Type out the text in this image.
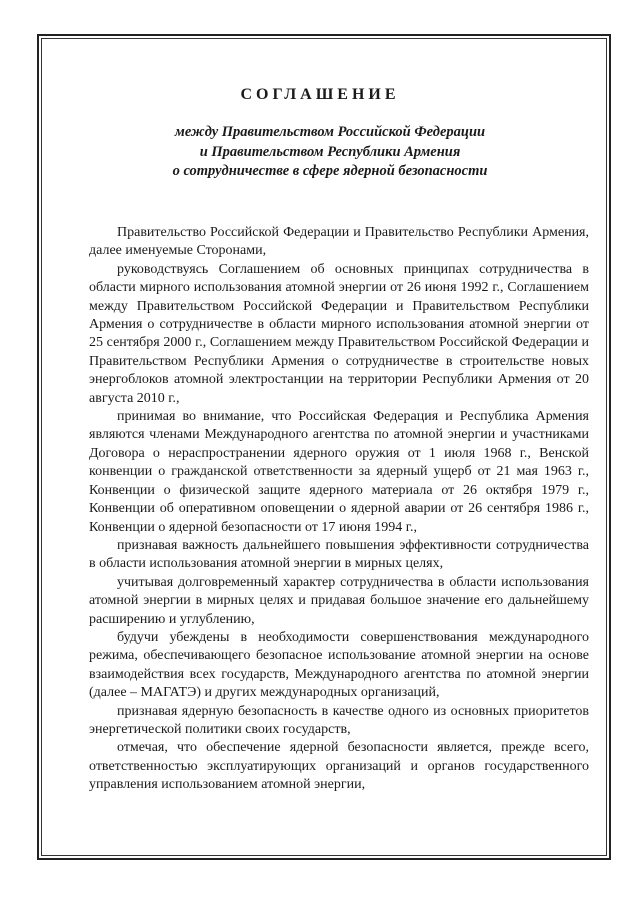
СОГЛАШЕНИЕ
между Правительством Российской Федерации
и Правительством Республики Армения
о сотрудничестве в сфере ядерной безопасности

Правительство Российской Федерации и Правительство Республики Армения, далее именуемые Сторонами,

руководствуясь Соглашением об основных принципах сотрудничества в области мирного использования атомной энергии от 26 июня 1992 г., Соглашением между Правительством Российской Федерации и Правительством Республики Армения о сотрудничестве в области мирного использования атомной энергии от 25 сентября 2000 г., Соглашением между Правительством Российской Федерации и Правительством Республики Армения о сотрудничестве в строительстве новых энергоблоков атомной электростанции на территории Республики Армения от 20 августа 2010 г.,

принимая во внимание, что Российская Федерация и Республика Армения являются членами Международного агентства по атомной энергии и участниками Договора о нераспространении ядерного оружия от 1 июля 1968 г., Венской конвенции о гражданской ответственности за ядерный ущерб от 21 мая 1963 г., Конвенции о физической защите ядерного материала от 26 октября 1979 г., Конвенции об оперативном оповещении о ядерной аварии от 26 сентября 1986 г., Конвенции о ядерной безопасности от 17 июня 1994 г.,

признавая важность дальнейшего повышения эффективности сотрудничества в области использования атомной энергии в мирных целях,

учитывая долговременный характер сотрудничества в области использования атомной энергии в мирных целях и придавая большое значение его дальнейшему расширению и углублению,

будучи убеждены в необходимости совершенствования международного режима, обеспечивающего безопасное использование атомной энергии на основе взаимодействия всех государств, Международного агентства по атомной энергии (далее – МАГАТЭ) и других международных организаций,

признавая ядерную безопасность в качестве одного из основных приоритетов энергетической политики своих государств,

отмечая, что обеспечение ядерной безопасности является, прежде всего, ответственностью эксплуатирующих организаций и органов государственного управления использованием атомной энергии,
